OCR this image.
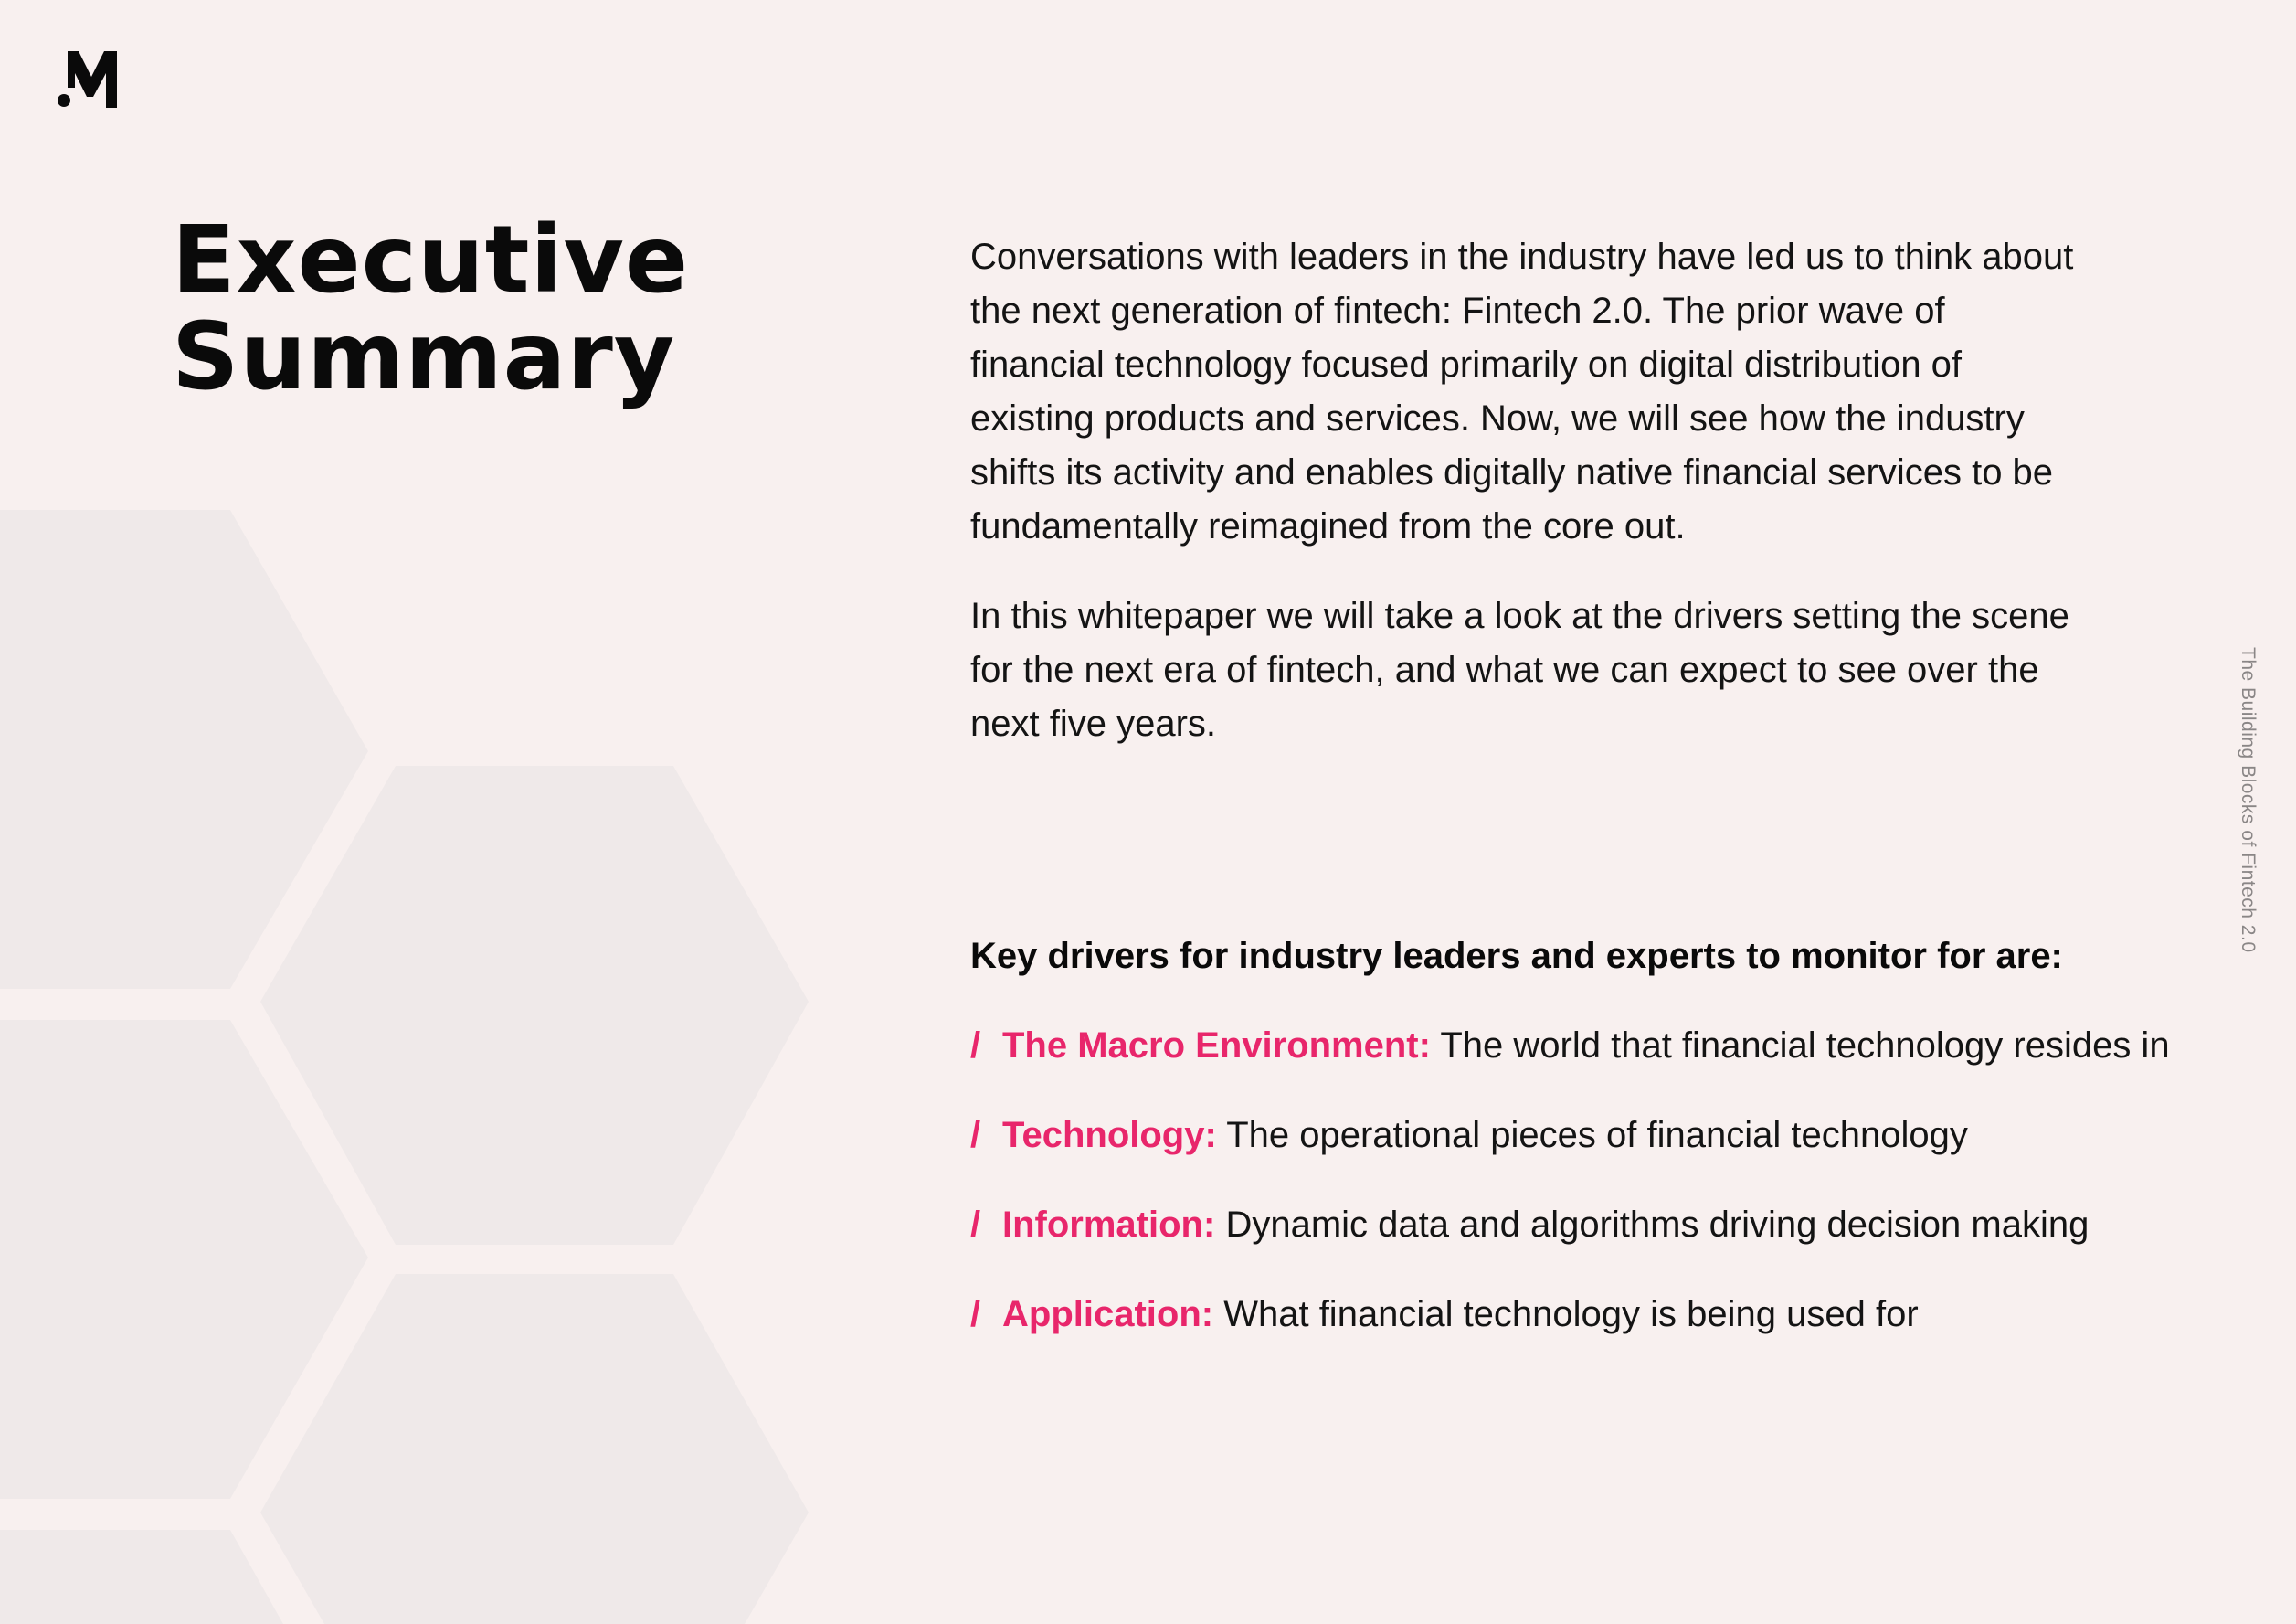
Executive
Summary

Conversations with leaders in the industry have led us to think about the next generation of fintech: Fintech 2.0. The prior wave of financial technology focused primarily on digital distribution of existing products and services. Now, we will see how the industry shifts its activity and enables digitally native financial services to be fundamentally reimagined from the core out.

In this whitepaper we will take a look at the drivers setting the scene for the next era of fintech, and what we can expect to see over the next five years.

Key drivers for industry leaders and experts to monitor for are:

/ The Macro Environment: The world that financial technology resides in
/ Technology: The operational pieces of financial technology
/ Information: Dynamic data and algorithms driving decision making
/ Application: What financial technology is being used for
The Building Blocks of Fintech 2.0
